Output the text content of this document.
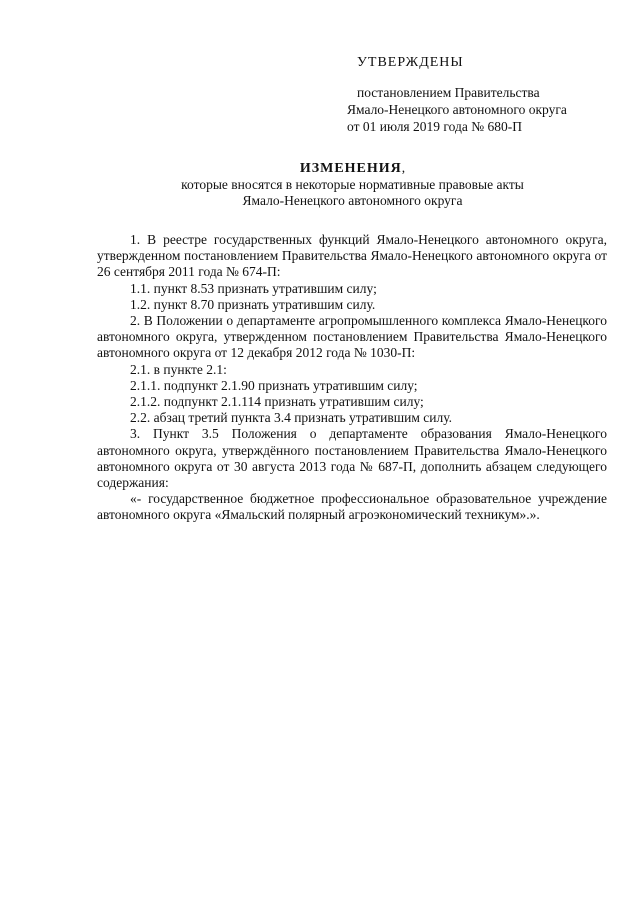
УТВЕРЖДЕНЫ
постановлением Правительства
Ямало-Ненецкого автономного округа
от 01 июля 2019 года № 680-П
ИЗМЕНЕНИЯ,
которые вносятся в некоторые нормативные правовые акты
Ямало-Ненецкого автономного округа

1. В реестре государственных функций Ямало-Ненецкого автономного округа, утвержденном постановлением Правительства Ямало-Ненецкого автономного округа от 26 сентября 2011 года № 674-П:

1.1. пункт 8.53 признать утратившим силу;

1.2. пункт 8.70 признать утратившим силу.

2. В Положении о департаменте агропромышленного комплекса Ямало-Ненецкого автономного округа, утвержденном постановлением Правительства Ямало-Ненецкого автономного округа от 12 декабря 2012 года № 1030-П:

2.1. в пункте 2.1:

2.1.1. подпункт 2.1.90 признать утратившим силу;

2.1.2. подпункт 2.1.114 признать утратившим силу;

2.2. абзац третий пункта 3.4 признать утратившим силу.

3. Пункт 3.5 Положения о департаменте образования Ямало-Ненецкого автономного округа, утверждённого постановлением Правительства Ямало-Ненецкого автономного округа от 30 августа 2013 года № 687-П, дополнить абзацем следующего содержания:

«- государственное бюджетное профессиональное образовательное учреждение автономного округа «Ямальский полярный агроэкономический техникум».».
